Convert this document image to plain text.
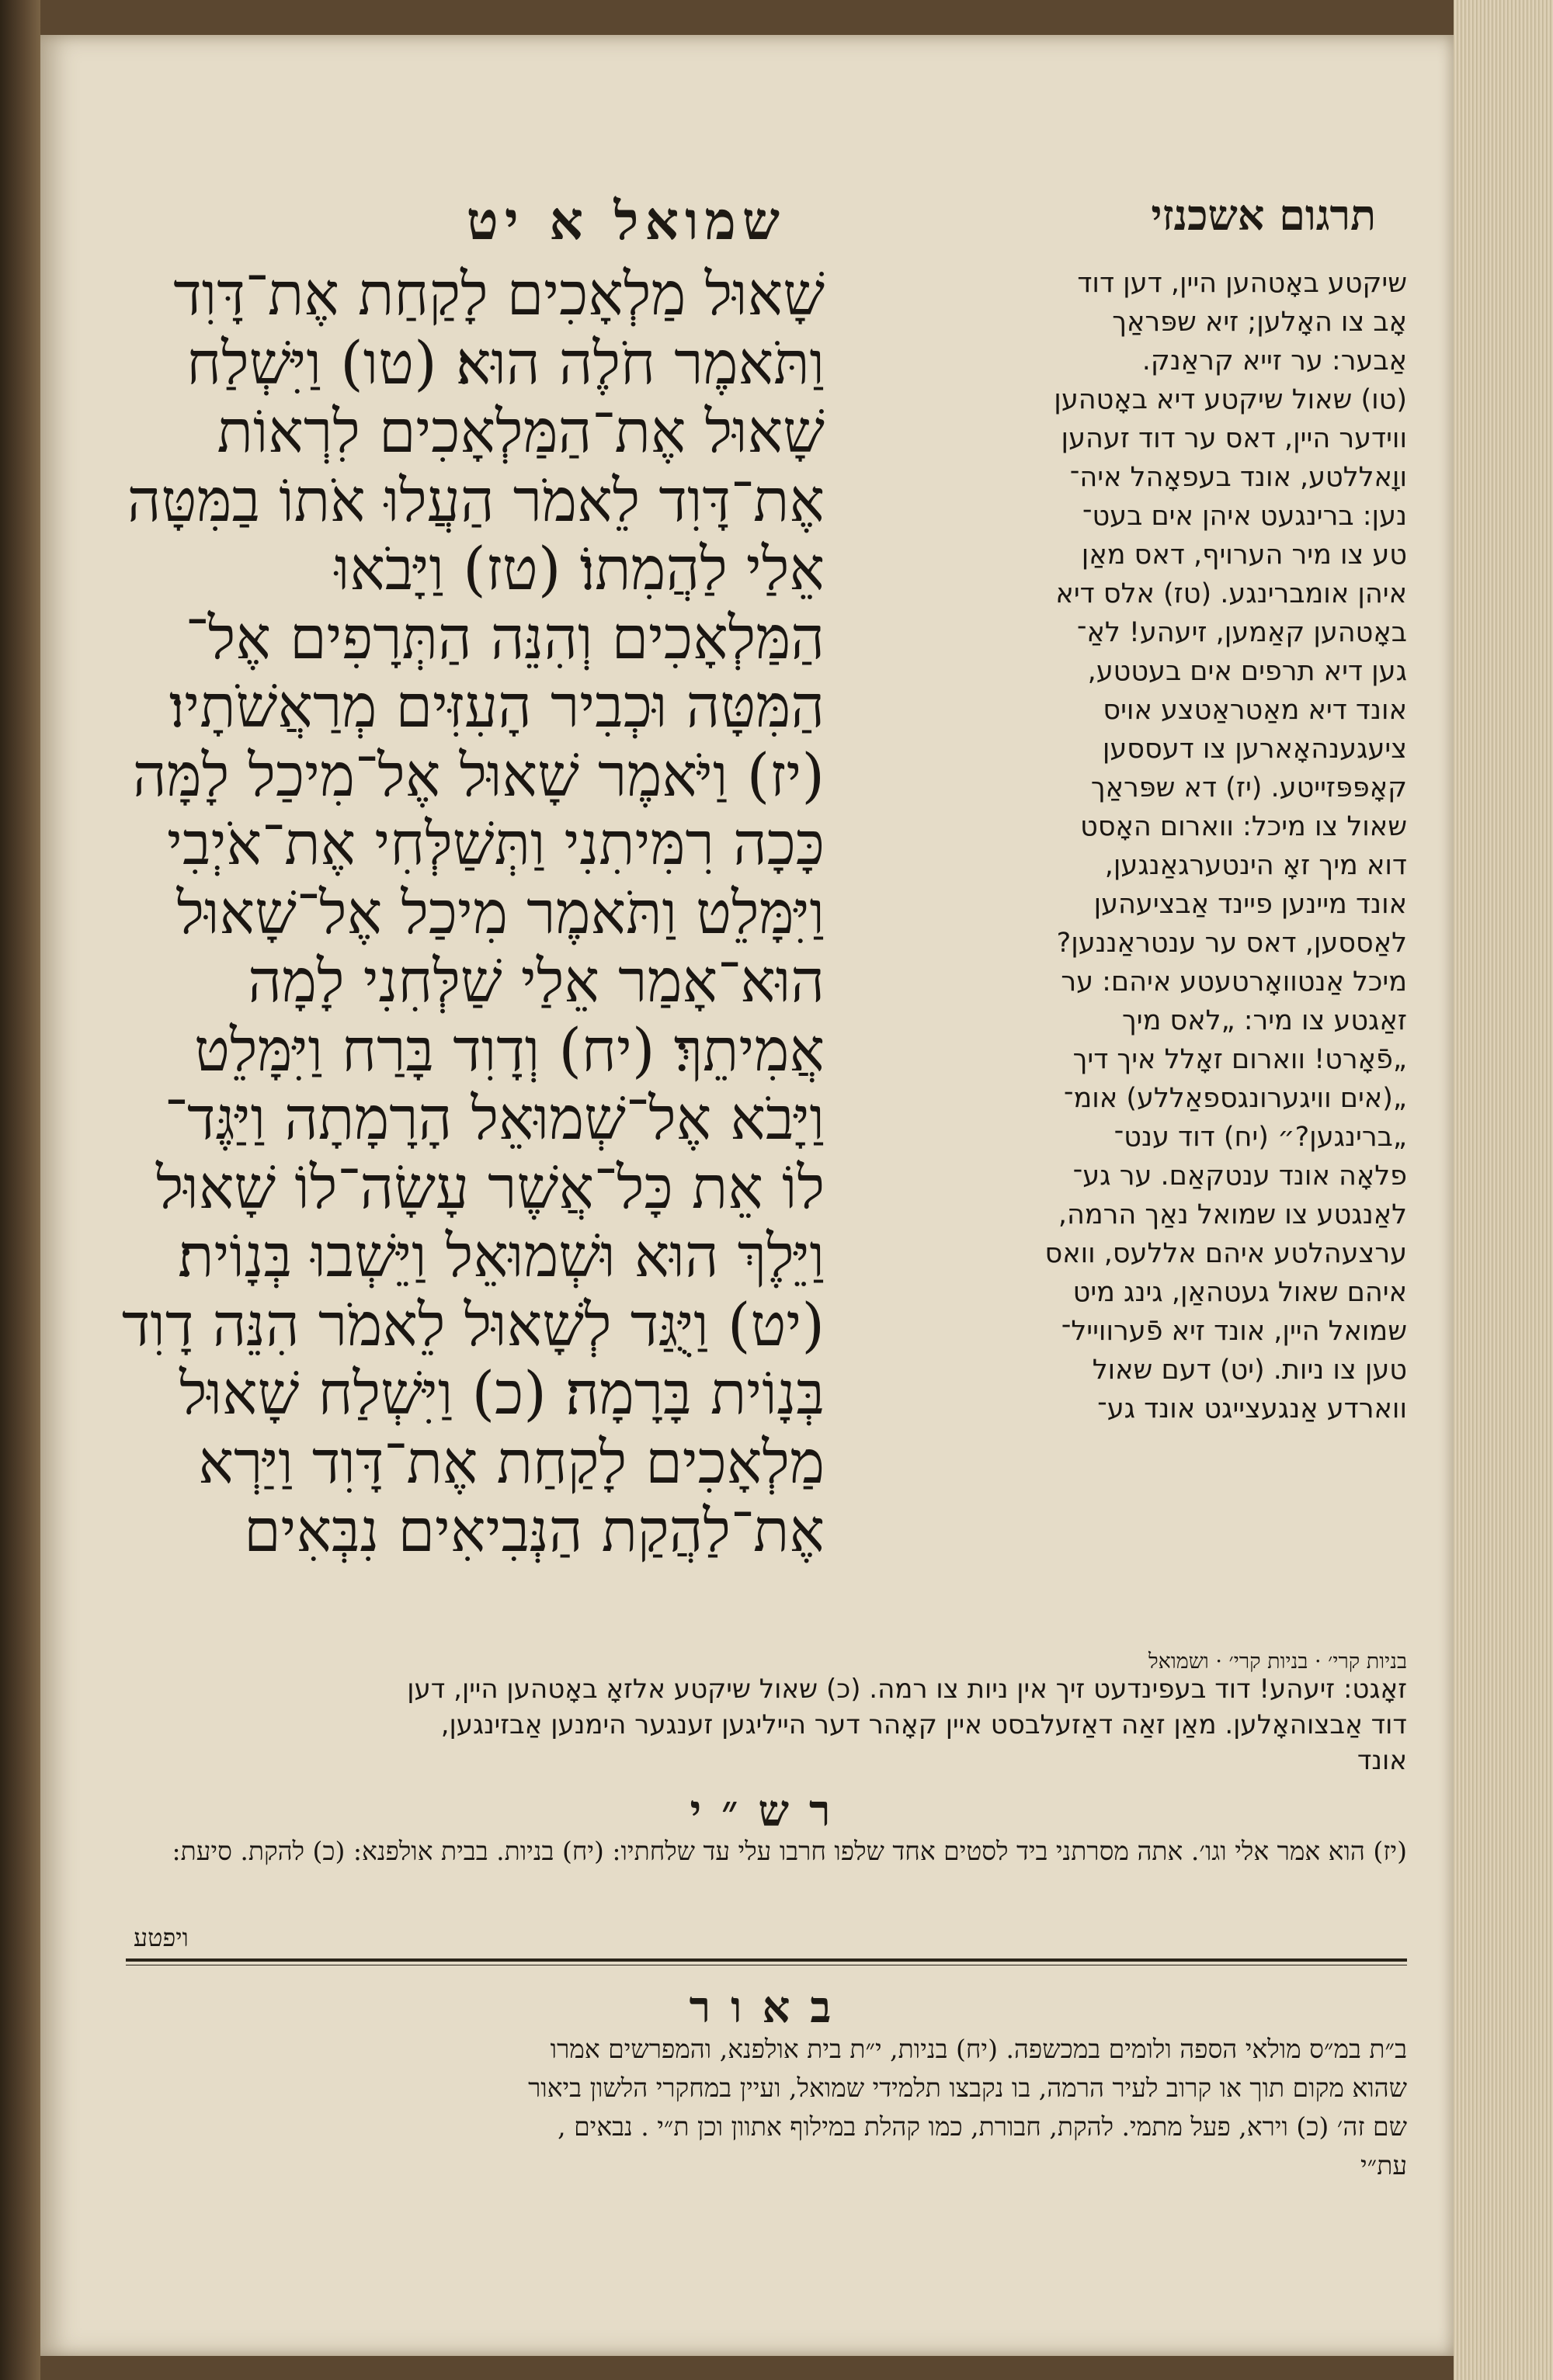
תרגום אשכנזי
שמואל א יט
שָׁאוּל מַלְאָכִים לָקַחַת אֶת־דָּוִד
וַתֹּאמֶר חֹלֶה הוּא׃ (טו) וַיִּשְׁלַח
שָׁאוּל אֶת־הַמַּלְאָכִים לִרְאוֹת
אֶת־דָּוִד לֵאמֹר הַעֲלוּ אֹתוֹ בַמִּטָּה
אֵלַי לַהֲמִתוֹ׃ (טז) וַיָּבֹאוּ
הַמַּלְאָכִים וְהִנֵּה הַתְּרָפִים אֶל־
הַמִּטָּה וּכְבִיר הָעִזִּים מְרַאֲשֹׁתָיו׃
(יז) וַיֹּאמֶר שָׁאוּל אֶל־מִיכַל לָמָּה
כָּכָה רִמִּיתִנִי וַתְּשַׁלְּחִי אֶת־אֹיְבִי
וַיִּמָּלֵט וַתֹּאמֶר מִיכַל אֶל־שָׁאוּל
הוּא־אָמַר אֵלַי שַׁלְּחִנִי לָמָה
אֲמִיתֵךְ׃ (יח) וְדָוִד בָּרַח וַיִּמָּלֵט
וַיָּבֹא אֶל־שְׁמוּאֵל הָרָמָתָה וַיַּגֶּד־
לוֹ אֵת כָּל־אֲשֶׁר עָשָׂה־לוֹ שָׁאוּל
וַיֵּלֶךְ הוּא וּשְׁמוּאֵל וַיֵּשְׁבוּ בְּנָוֹית׃
(יט) וַיֻּגַּד לְשָׁאוּל לֵאמֹר הִנֵּה דָוִד
בְּנָוֹית בָּרָמָה׃ (כ) וַיִּשְׁלַח שָׁאוּל
מַלְאָכִים לָקַחַת אֶת־דָּוִד וַיַּרְא
אֶת־לַהֲקַת הַנְּבִיאִים נִבְּאִים
שיקטע באָטהען היין, דען דוד
אָב צו האָלען; זיא שפּראַך
אַבער: ער זייא קראַנק.
(טו) שאול שיקטע דיא באָטהען
ווידער היין, דאס ער דוד זעהען
ווָאללטע, אונד בעפאָהל איה־
נען: ברינגעט איהן אים בעט־
טע צו מיר הערויף, דאס מאַן
איהן אומברינגע. (טז) אלס דיא
באָטהען קאַמען, זיעהע! לאַ־
גען דיא תרפים אים בעטטע,
אונד דיא מאַטראַטצע אויס
ציעגענהאָארען צו דעססען
קאָפּפּזייטע. (יז) דא שפּראַך
שאול צו מיכל: ווארום האָסט
דוא מיך זאָ הינטערגאַנגען,
אונד מיינען פיינד אַבציעהען
לאַססען, דאס ער ענטראַננען?
מיכל אַנטוואָרטעטע איהם: ער
זאַגטע צו מיר: „לאס מיך
„פֿאָרט! ווארום זאָלל איך דיך
„(אים וויגערונגספאַללע) אומ־
„ברינגען?״ (יח) דוד ענט־
פלאָה אונד ענטקאַם. ער גע־
לאַנגטע צו שמואל נאַך הרמה,
ערצעהלטע איהם אללעס, וואס
איהם שאול געטהאַן, גינג מיט
שמואל היין, אונד זיא פֿערווייל־
טען צו ניות. (יט) דעם שאול
ווארדע אַנגעצייגט אונד גע־
בניות קרי׳ · בניות קרי׳ · ושמואל
זאָגט: זיעהע! דוד בעפינדעט זיך אין ניות צו רמה. (כ) שאול שיקטע אלזאָ באָטהען היין, דען
דוד אַבצוהאָלען. מאַן זאַה דאַזעלבסט איין קאָהר דער הייליגען זענגער הימנען אַבזינגען,
אונד
רש״י
(יז) הוא אמר אלי וגו׳. אתה מסרתני ביד לסטים אחד שלפו חרבו עלי עד שלחתיו: (יח) בניות. בבית אולפנא: (כ) להקת. סיעת:
ויפטע
באור
ב״ת במ״ס מולאי הספה ולומים במכשפה. (יח) בניות, י״ת בית אולפנא, והמפרשים אמרו
שהוא מקום תוך או קרוב לעיר הרמה, בו נקבצו תלמידי שמואל, ועיין במחקרי הלשון ביאור
שם זה׳ (כ) וירא, פעל מתמי. להקת, חבורת, כמו קהלת במילוף אתוון וכן ת״י . נבאים ,
עת״י
